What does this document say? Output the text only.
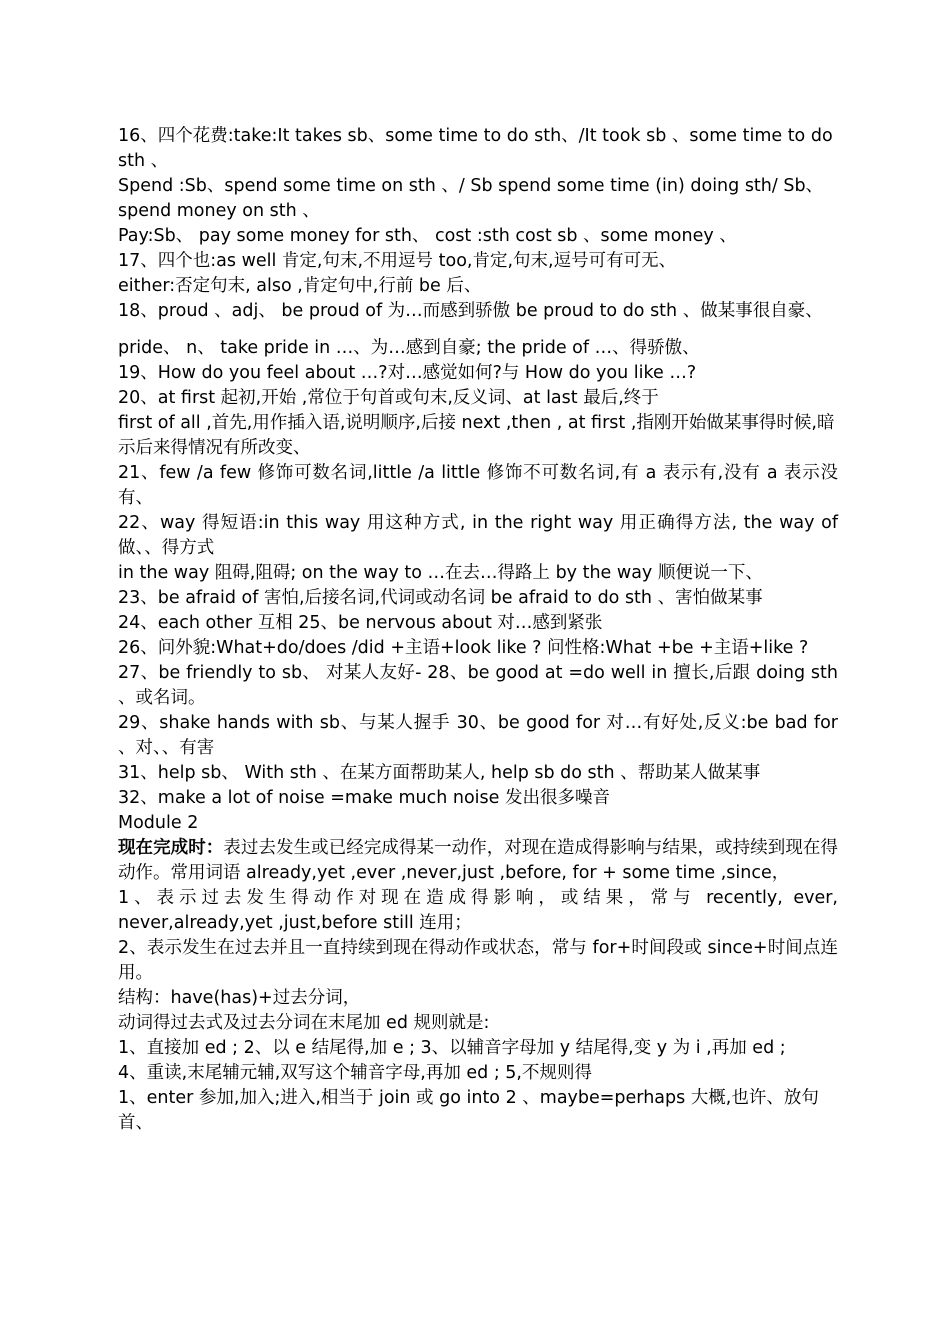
16、四个花费:take:It takes sb、some time to do sth、/It took sb 、some time to do sth 、

Spend :Sb、spend some time on sth 、/ Sb spend some time (in) doing sth/ Sb、spend money on sth 、

Pay:Sb、 pay some money for sth、 cost :sth cost sb 、some money 、

17、四个也:as well 肯定,句末,不用逗号 too,肯定,句末,逗号可有可无、

either:否定句末, also ,肯定句中,行前 be 后、

18、proud 、adj、 be proud of 为…而感到骄傲 be proud to do sth 、做某事很自豪、

pride、 n、 take pride in …、为…感到自豪; the pride of …、得骄傲、

19、How do you feel about …?对…感觉如何?与 How do you like …?

20、at first 起初,开始 ,常位于句首或句末,反义词、at last 最后,终于

first of all ,首先,用作插入语,说明顺序,后接 next ,then , at first ,指刚开始做某事得时候,暗示后来得情况有所改变、

21、few /a few 修饰可数名词,little /a little 修饰不可数名词,有 a 表示有,没有 a 表示没有、

22、way 得短语:in this way 用这种方式, in the right way 用正确得方法, the way of 做、、得方式

in the way 阻碍,阻碍; on the way to …在去…得路上 by the way 顺便说一下、

23、be afraid of 害怕,后接名词,代词或动名词 be afraid to do sth 、害怕做某事

24、each other 互相 25、be nervous about 对…感到紧张

26、问外貌:What+do/does /did +主语+look like ? 问性格:What +be +主语+like ?

27、be friendly to sb、 对某人友好- 28、be good at =do well in 擅长,后跟 doing sth 、或名词。

29、shake hands with sb、与某人握手 30、be good for 对…有好处,反义:be bad for 、对、、有害

31、help sb、 With sth 、在某方面帮助某人, help sb do sth 、帮助某人做某事

32、make a lot of noise =make much noise 发出很多噪音

Module 2

现在完成时：表过去发生或已经完成得某一动作，对现在造成得影响与结果，或持续到现在得动作。常用词语 already,yet ,ever ,never,just ,before, for + some time ,since，

1、表示过去发生得动作对现在造成得影响，或结果，常与 recently, ever, never,already,yet ,just,before still 连用；

2、表示发生在过去并且一直持续到现在得动作或状态，常与 for+时间段或 since+时间点连用。

结构：have(has)+过去分词，

动词得过去式及过去分词在末尾加 ed 规则就是:

1、直接加 ed ; 2、以 e 结尾得,加 e ; 3、以辅音字母加 y 结尾得,变 y 为 i ,再加 ed ;

4、重读,末尾辅元辅,双写这个辅音字母,再加 ed ; 5,不规则得

1、enter 参加,加入;进入,相当于 join 或 go into 2 、maybe=perhaps 大概,也许、放句首、
